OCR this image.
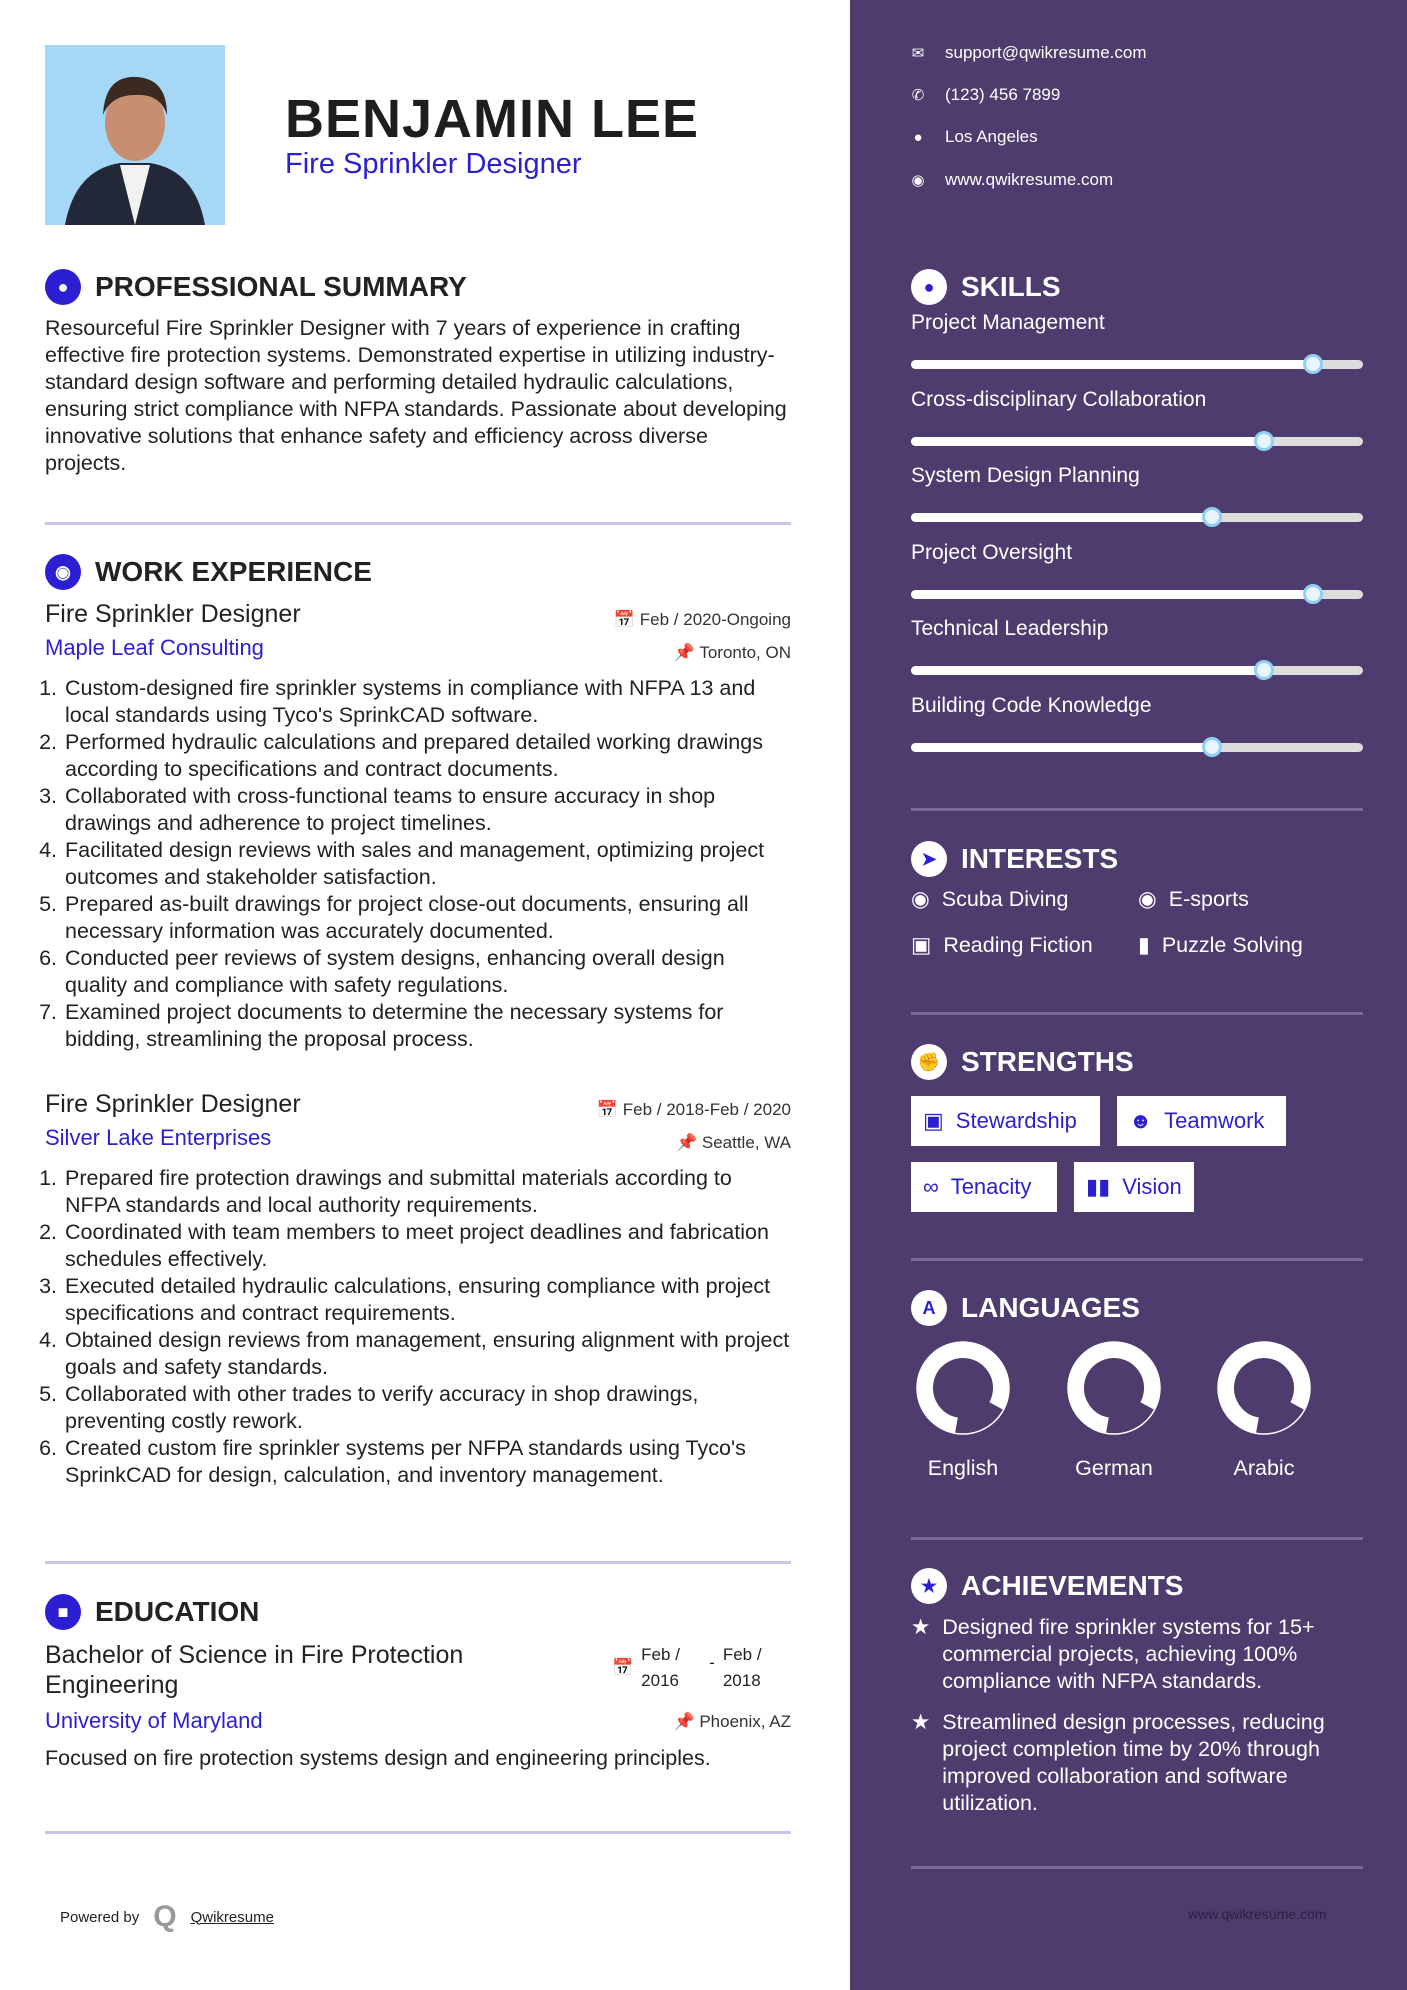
BENJAMIN LEE
Fire Sprinkler Designer
● PROFESSIONAL SUMMARY
Resourceful Fire Sprinkler Designer with 7 years of experience in crafting effective fire protection systems. Demonstrated expertise in utilizing industry-standard design software and performing detailed hydraulic calculations, ensuring strict compliance with NFPA standards. Passionate about developing innovative solutions that enhance safety and efficiency across diverse projects.
◉ WORK EXPERIENCE
Fire Sprinkler Designer	📅 Feb / 2020-Ongoing
Maple Leaf Consulting	📌 Toronto, ON
1. Custom-designed fire sprinkler systems in compliance with NFPA 13 and local standards using Tyco's SprinkCAD software.
2. Performed hydraulic calculations and prepared detailed working drawings according to specifications and contract documents.
3. Collaborated with cross-functional teams to ensure accuracy in shop drawings and adherence to project timelines.
4. Facilitated design reviews with sales and management, optimizing project outcomes and stakeholder satisfaction.
5. Prepared as-built drawings for project close-out documents, ensuring all necessary information was accurately documented.
6. Conducted peer reviews of system designs, enhancing overall design quality and compliance with safety regulations.
7. Examined project documents to determine the necessary systems for bidding, streamlining the proposal process.
Fire Sprinkler Designer	📅 Feb / 2018-Feb / 2020
Silver Lake Enterprises	📌 Seattle, WA
1. Prepared fire protection drawings and submittal materials according to NFPA standards and local authority requirements.
2. Coordinated with team members to meet project deadlines and fabrication schedules effectively.
3. Executed detailed hydraulic calculations, ensuring compliance with project specifications and contract requirements.
4. Obtained design reviews from management, ensuring alignment with project goals and safety standards.
5. Collaborated with other trades to verify accuracy in shop drawings, preventing costly rework.
6. Created custom fire sprinkler systems per NFPA standards using Tyco's SprinkCAD for design, calculation, and inventory management.
■ EDUCATION
Bachelor of Science in Fire Protection Engineering
📅
Feb / 2016
- Feb / 2018
University of Maryland	📌 Phoenix, AZ
Focused on fire protection systems design and engineering principles.
Powered by Q Qwikresume
✉ support@qwikresume.com
✆ (123) 456 7899
● Los Angeles
◉ www.qwikresume.com
● SKILLS
Project Management
Cross-disciplinary Collaboration
System Design Planning
Project Oversight
Technical Leadership
Building Code Knowledge
➤ INTERESTS
◉ Scuba Diving	◉ E-sports
▣ Reading Fiction ▮ Puzzle Solving
✊ STRENGTHS
▣ Stewardship ☻ Teamwork
∞ Tenacity ▮▮ Vision
A LANGUAGES
English	German	Arabic
★ ACHIEVEMENTS
★ Designed fire sprinkler systems for 15+ commercial projects, achieving 100% compliance with NFPA standards.
★ Streamlined design processes, reducing project completion time by 20% through improved collaboration and software utilization.
www.qwikresume.com
